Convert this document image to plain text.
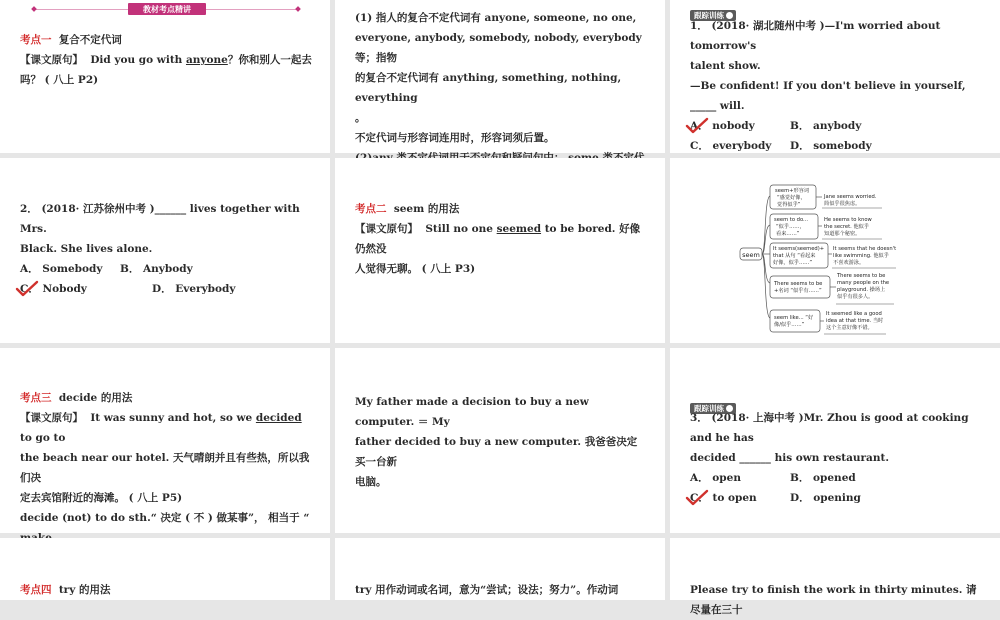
教材考点精讲
考点一 复合不定代词
【课文原句】 Did you go with anyone？你和别人一起去
吗？ ( 八上 P2)
(1) 指人的复合不定代词有 anyone, someone, no one,
everyone, anybody, somebody, nobody, everybody 等；指物
的复合不定代词有 anything, something, nothing, everything
。
不定代词与形容词连用时，形容词须后置。
跟踪训练
1． (2018· 湖北随州中考 )—I'm worried about tomorrow's
talent show.
—Be confident! If you don't believe in yourself, _____ will.
A． nobody	B． anybody
C． everybody	D． somebody
2． (2018· 江苏徐州中考 )______ lives together with Mrs.
Black. She lives alone.
A． Somebody	B． Anybody
C． Nobody	D． Everybody
考点二 seem 的用法
【课文原句】 Still no one seemed to be bored. 好像仍然没
人觉得无聊。 ( 八上 P3)
seem
seem+形容词 “感觉好像， 觉得似乎”
Jane seems worried. 简似乎很焦虑。
seem to do... “似乎……， 看来……”
He seems to know the secret. 他似乎 知道那个秘密。
It seems(seemed)+ that 从句 “看起来 好像，似乎……”
It seems that he doesn't like swimming. 他似乎 不喜欢游泳。
There seems to be +名词 “似乎有……”
There seems to be many people on the playground. 操场上 似乎有很多人。
seem like... “好 像/似乎……”
It seemed like a good idea at that time. 当时 这个主意好像不错。
考点三 decide 的用法
【课文原句】 It was sunny and hot, so we decided to go to
the beach near our hotel. 天气晴朗并且有些热，所以我们决
定去宾馆附近的海滩。 ( 八上 P5)
decide (not) to do sth.“ 决定 ( 不 ) 做某事”， 相当于 “
My father made a decision to buy a new computer. ＝ My
father decided to buy a new computer. 我爸爸决定买一台新
电脑。
跟踪训练
3． (2018· 上海中考 )Mr. Zhou is good at cooking and he has
decided ______ his own restaurant.
A． open	B． opened
C． to open	D． opening
考点四 try 的用法	try 用作动词或名词，意为“尝试；设法；努力”。作动词	Please try to finish the work in thirty minutes. 请尽量在三十
